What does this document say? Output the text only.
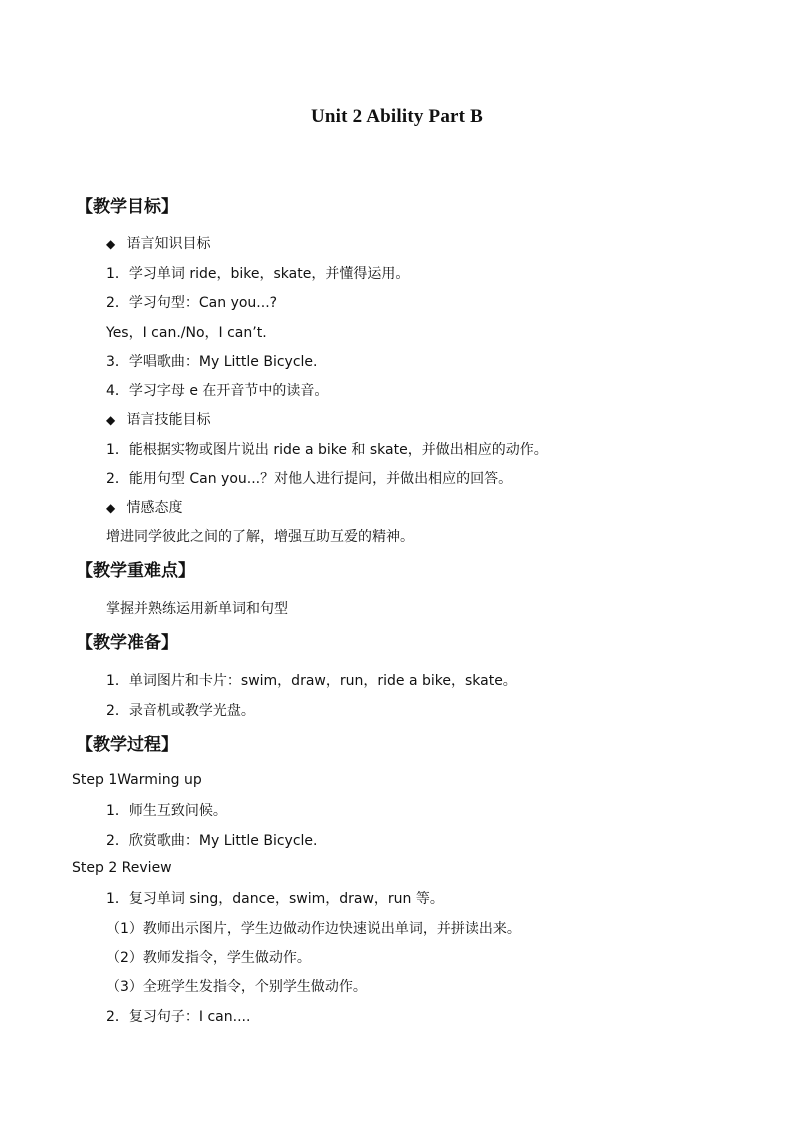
Unit 2 Ability Part B
【教学目标】
◆ 语言知识目标
1．学习单词 ride，bike，skate，并懂得运用。
2．学习句型：Can you...?
Yes，I can./No，I can’t.
3．学唱歌曲：My Little Bicycle.
4．学习字母 e 在开音节中的读音。
◆ 语言技能目标
1．能根据实物或图片说出 ride a bike 和 skate，并做出相应的动作。
2．能用句型 Can you...？对他人进行提问，并做出相应的回答。
◆ 情感态度
增进同学彼此之间的了解，增强互助互爱的精神。
【教学重难点】
掌握并熟练运用新单词和句型
【教学准备】
1．单词图片和卡片：swim，draw，run，ride a bike，skate。
2．录音机或教学光盘。
【教学过程】
Step 1Warming up
1．师生互致问候。
2．欣赏歌曲：My Little Bicycle.
Step 2 Review
1．复习单词 sing，dance，swim，draw，run 等。
（1）教师出示图片，学生边做动作边快速说出单词，并拼读出来。
（2）教师发指令，学生做动作。
（3）全班学生发指令，个别学生做动作。
2．复习句子：I can....
